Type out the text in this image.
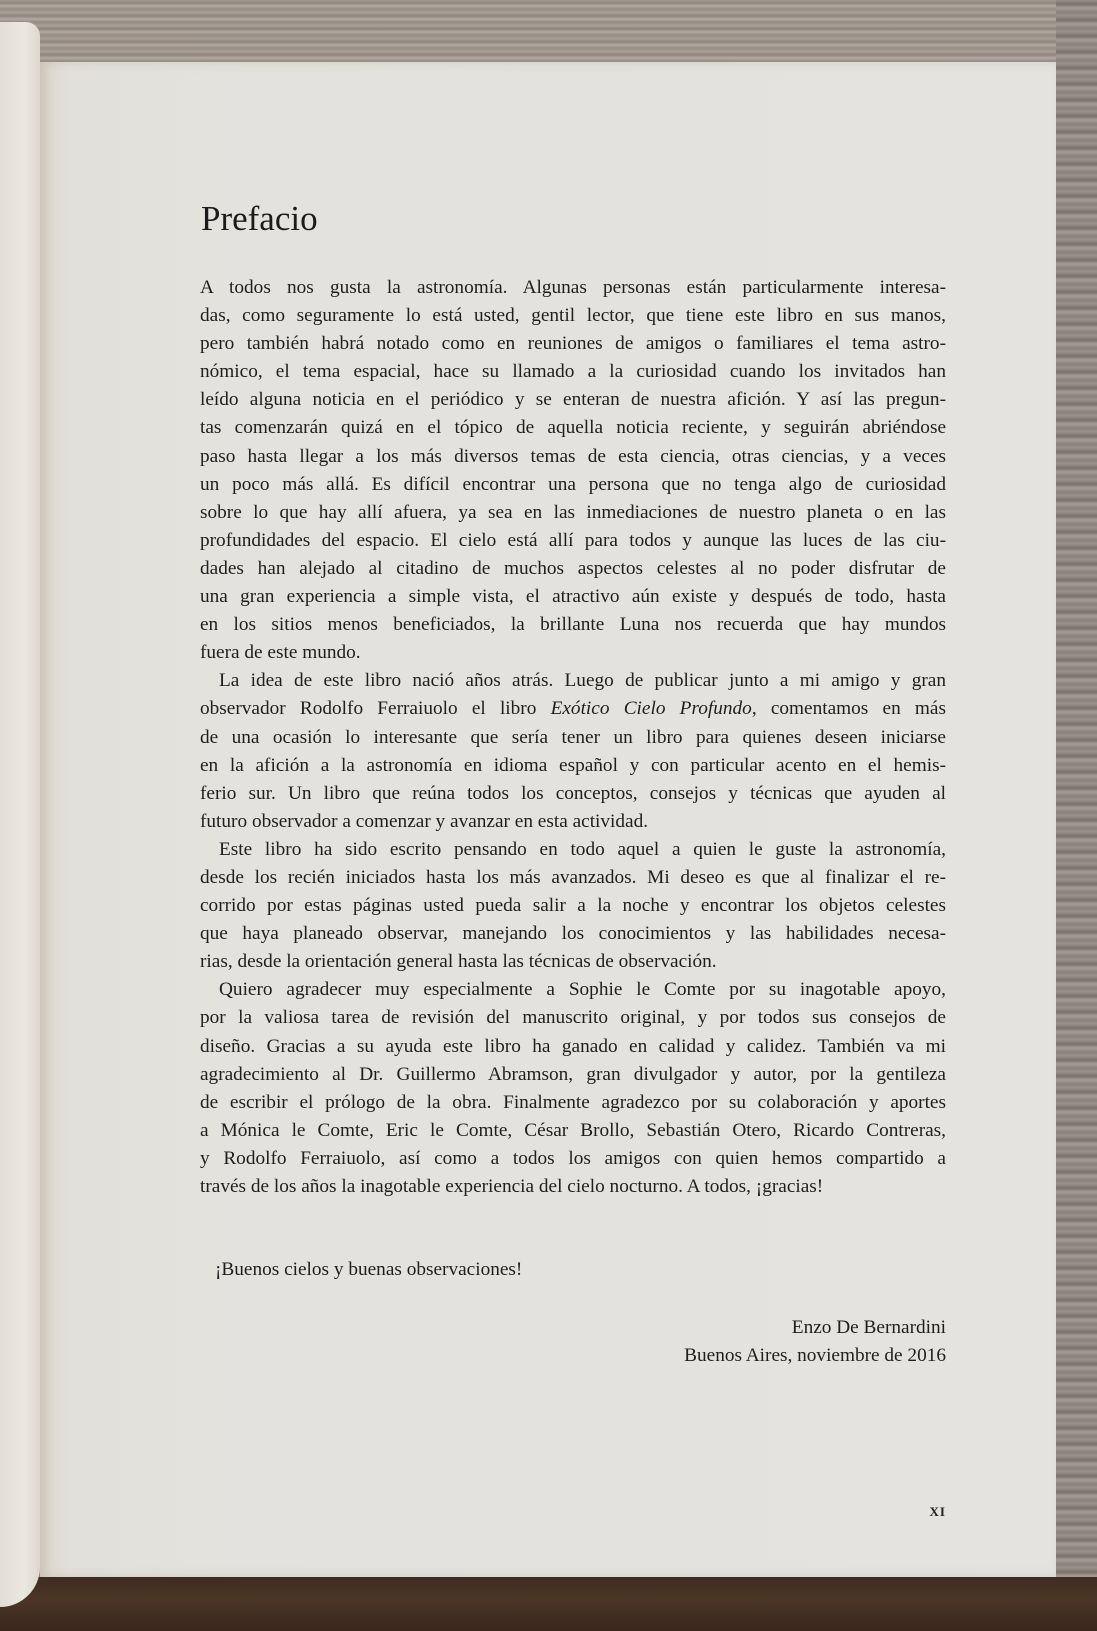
Prefacio
A todos nos gusta la astronomía. Algunas personas están particularmente interesa-
das, como seguramente lo está usted, gentil lector, que tiene este libro en sus manos,
pero también habrá notado como en reuniones de amigos o familiares el tema astro-
nómico, el tema espacial, hace su llamado a la curiosidad cuando los invitados han
leído alguna noticia en el periódico y se enteran de nuestra afición. Y así las pregun-
tas comenzarán quizá en el tópico de aquella noticia reciente, y seguirán abriéndose
paso hasta llegar a los más diversos temas de esta ciencia, otras ciencias, y a veces
un poco más allá. Es difícil encontrar una persona que no tenga algo de curiosidad
sobre lo que hay allí afuera, ya sea en las inmediaciones de nuestro planeta o en las
profundidades del espacio. El cielo está allí para todos y aunque las luces de las ciu-
dades han alejado al citadino de muchos aspectos celestes al no poder disfrutar de
una gran experiencia a simple vista, el atractivo aún existe y después de todo, hasta
en los sitios menos beneficiados, la brillante Luna nos recuerda que hay mundos
fuera de este mundo.
La idea de este libro nació años atrás. Luego de publicar junto a mi amigo y gran
observador Rodolfo Ferraiuolo el libro Exótico Cielo Profundo, comentamos en más
de una ocasión lo interesante que sería tener un libro para quienes deseen iniciarse
en la afición a la astronomía en idioma español y con particular acento en el hemis-
ferio sur. Un libro que reúna todos los conceptos, consejos y técnicas que ayuden al
futuro observador a comenzar y avanzar en esta actividad.
Este libro ha sido escrito pensando en todo aquel a quien le guste la astronomía,
desde los recién iniciados hasta los más avanzados. Mi deseo es que al finalizar el re-
corrido por estas páginas usted pueda salir a la noche y encontrar los objetos celestes
que haya planeado observar, manejando los conocimientos y las habilidades necesa-
rias, desde la orientación general hasta las técnicas de observación.
Quiero agradecer muy especialmente a Sophie le Comte por su inagotable apoyo,
por la valiosa tarea de revisión del manuscrito original, y por todos sus consejos de
diseño. Gracias a su ayuda este libro ha ganado en calidad y calidez. También va mi
agradecimiento al Dr. Guillermo Abramson, gran divulgador y autor, por la gentileza
de escribir el prólogo de la obra. Finalmente agradezco por su colaboración y aportes
a Mónica le Comte, Eric le Comte, César Brollo, Sebastián Otero, Ricardo Contreras,
y Rodolfo Ferraiuolo, así como a todos los amigos con quien hemos compartido a
través de los años la inagotable experiencia del cielo nocturno. A todos, ¡gracias!
¡Buenos cielos y buenas observaciones!
Enzo De Bernardini
Buenos Aires, noviembre de 2016
XI
